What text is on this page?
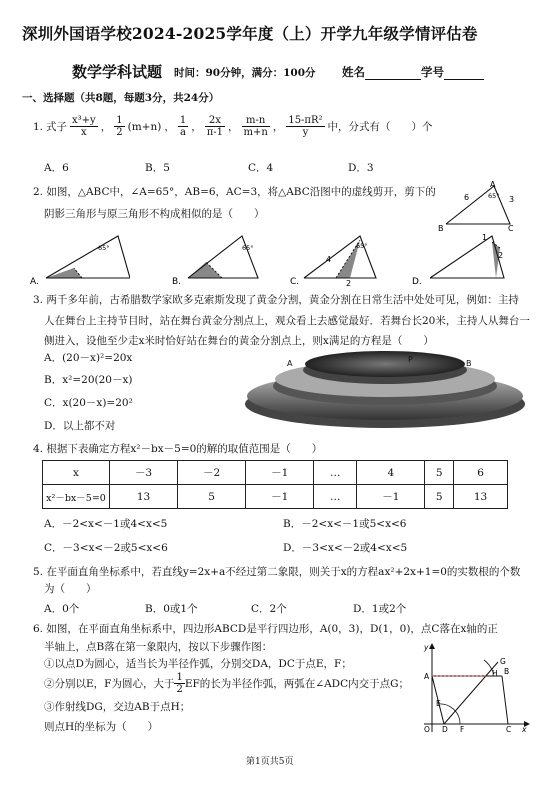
深圳外国语学校2024-2025学年度（上）开学九年级学情评估卷
数学学科试题 时间：90分钟，满分：100分 姓名	学号
一、选择题（共8题，每题3分，共24分）
1. 式子 $\frac{\text{x³+y}}{x}$ ， $\frac{1}{2} (m+n)$ ， $\frac{1}{a}$ ， $\frac{2x}{\pi-1}$ ， $\frac{m-n}{m+n}$ ， $\frac{\text{15-πR²}}{y}$ 中，分式有（　　）个
A．6	B．5	C．4	D．3
2. 如图，△ABC中，∠A=65°，AB=6，AC=3，将△ABC沿图中的虚线剪开，剪下的
阴影三角形与原三角形不构成相似的是（　　）
A
B	C
6	3
65°
A.
65°
B.
65°
C.
65°
4
2	D.
1
2
3. 两千多年前，古希腊数学家欧多克索斯发现了黄金分割，黄金分割在日常生活中处处可见，例如：主持
人在舞台上主持节目时，站在舞台黄金分割点上，观众看上去感觉最好．若舞台长20米，主持人从舞台一
侧进入，设他至少走x米时恰好站在舞台的黄金分割点上，则x满足的方程是（　　）
A．(20－x)²=20x
B．x²=20(20－x)
C．x(20－x)=20²
D．以上都不对
A	P	B
4. 根据下表确定方程x²－bx－5=0的解的取值范围是（　　）
x	－3	－2	－1	…	4	5	6
x²－bx－5=0	13	5	－1	…	－1	5	13
A．－2<x<－1或4<x<5	B．－2<x<－1或5<x<6
C．－3<x<－2或5<x<6	D．－3<x<－2或4<x<5
5. 在平面直角坐标系中，若直线y=2x+a不经过第二象限，则关于x的方程ax²+2x+1=0的实数根的个数
为（　　）
A．0个	B．0或1个	C．2个	D．1或2个
6. 如图，在平面直角坐标系中，四边形ABCD是平行四边形，A(0，3)，D(1，0)，点C落在x轴的正
半轴上，点B落在第一象限内，按以下步骤作图：
①以点D为圆心，适当长为半径作弧，分别交DA，DC于点E，F；
②分别以E，F为圆心，大于 $\frac{1}{2}$ EF的长为半径作弧，两弧在∠ADC内交于点G；
③作射线DG，交边AB于点H；
则点H的坐标为（　　）
y
A
B
H
G
E
O D F	C x
第1页共5页
